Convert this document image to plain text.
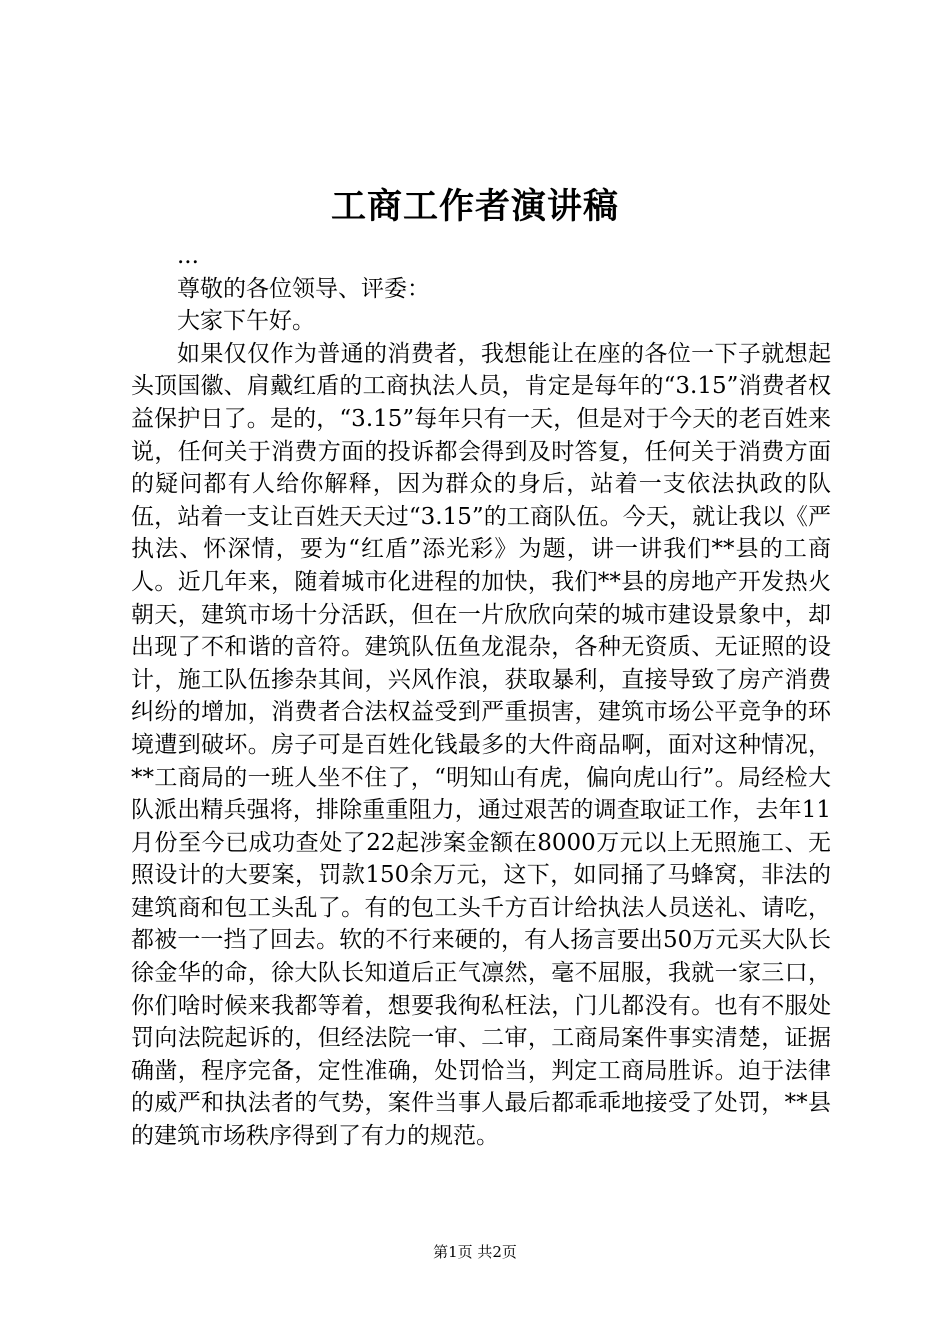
工商工作者演讲稿

...

尊敬的各位领导、评委：

大家下午好。

如果仅仅作为普通的消费者，我想能让在座的各位一下子就想起头顶国徽、肩戴红盾的工商执法人员，肯定是每年的“3.15”消费者权益保护日了。是的，“3.15”每年只有一天，但是对于今天的老百姓来说，任何关于消费方面的投诉都会得到及时答复，任何关于消费方面的疑问都有人给你解释，因为群众的身后，站着一支依法执政的队伍，站着一支让百姓天天过“3.15”的工商队伍。今天，就让我以《严执法、怀深情，要为“红盾”添光彩》为题，讲一讲我们**县的工商人。近几年来，随着城市化进程的加快，我们**县的房地产开发热火朝天，建筑市场十分活跃，但在一片欣欣向荣的城市建设景象中，却出现了不和谐的音符。建筑队伍鱼龙混杂，各种无资质、无证照的设计，施工队伍掺杂其间，兴风作浪，获取暴利，直接导致了房产消费纠纷的增加，消费者合法权益受到严重损害，建筑市场公平竞争的环境遭到破坏。房子可是百姓化钱最多的大件商品啊，面对这种情况，**工商局的一班人坐不住了，“明知山有虎，偏向虎山行”。局经检大队派出精兵强将，排除重重阻力，通过艰苦的调查取证工作，去年11月份至今已成功查处了22起涉案金额在8000万元以上无照施工、无照设计的大要案，罚款150余万元，这下，如同捅了马蜂窝，非法的建筑商和包工头乱了。有的包工头千方百计给执法人员送礼、请吃，都被一一挡了回去。软的不行来硬的，有人扬言要出50万元买大队长徐金华的命，徐大队长知道后正气凛然，毫不屈服，我就一家三口，你们啥时候来我都等着，想要我徇私枉法，门儿都没有。也有不服处罚向法院起诉的，但经法院一审、二审，工商局案件事实清楚，证据确凿，程序完备，定性准确，处罚恰当，判定工商局胜诉。迫于法律的威严和执法者的气势，案件当事人最后都乖乖地接受了处罚，**县的建筑市场秩序得到了有力的规范。

第1页 共2页
